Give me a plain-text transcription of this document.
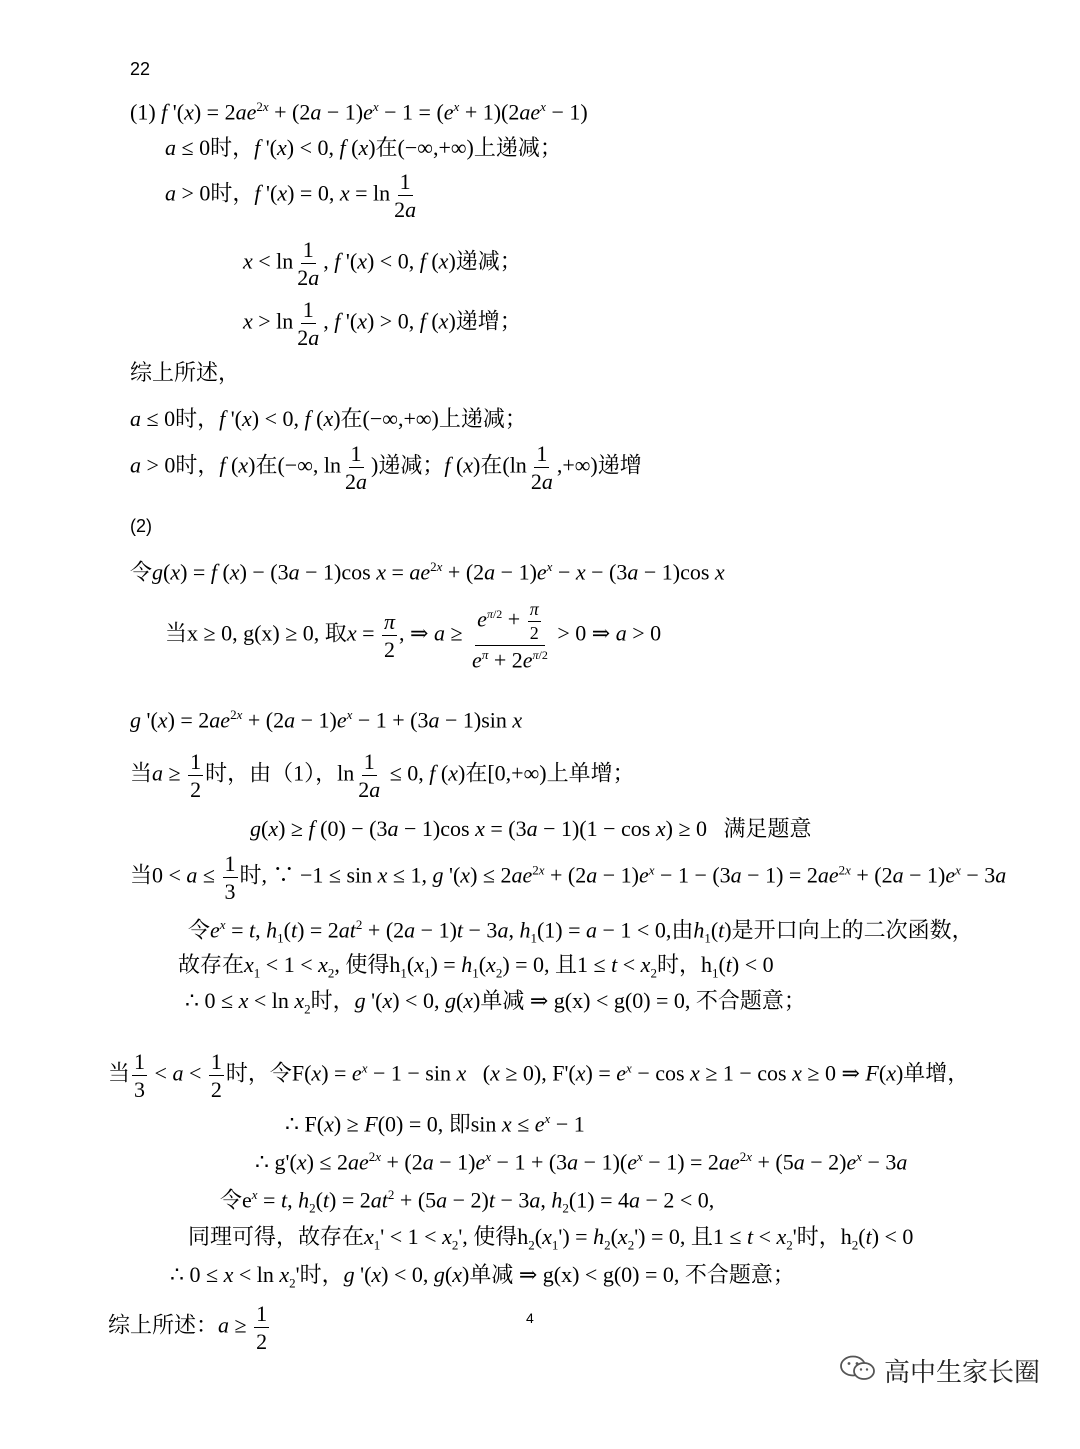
22
(1) f '$(x) = 2ae^{2x} + (2a - 1)e^x - 1 = (e^x + 1)(2ae^x - 1)$
a ≤ 0时，f '(x) < 0, f (x)在(−∞,+∞)上递减；
a > 0时，f '(x) = 0, $x = \ln \frac{1}{2a}$
$x < \ln \frac{1}{2a}$ , f '(x) < 0, f (x)递减；
$x > \ln \frac{1}{2a}$ , f '(x) > 0, f (x)递增；
综上所述，
a ≤ 0时，f '(x) < 0, f (x)在(−∞,+∞)上递减；
a > 0时，f (x)在(−∞, $\ln \frac{1}{2a}$ )递减；f (x)在($\ln \frac{1}{2a}$ ,+∞)递增
(2)
令g(x) = f (x) − (3a − 1)cos $x = ae^{2x} + (2a - 1)e^x - x - (3a - 1)\cos$ x
当x ≥ 0, g(x) ≥ 0, 取$x = \frac{\pi}{2}$ , ⇒ $a \ge \frac{e^{\pi/2} + \frac{\pi}{2}}{e^\pi + 2e^{\pi/2}} > 0$ ⇒ a > 0
g '$(x) = 2ae^{2x} + (2a - 1)e^x - 1 + (3a - 1)\sin$ x
当$a \ge \frac{1}{2}$ 时，由（1），$\ln \frac{1}{2a} \le 0$, f (x)在[0,+∞)上单增；
g(x) ≥ f (0) − (3a − 1)cos x = (3a − 1)(1 − cos x) ≥ 0   满足题意
当$0 < a \le \frac{1}{3}$ 时, ∵ −1 ≤ sin x ≤ 1, g '$(x) \le 2ae^{2x} + (2a - 1)e^x - 1 - (3a - 1) = 2ae^{2x} + (2a - 1)e^x - 3a$
令$e^x = t$, $h_1(t) = 2at^2 + (2a - 1)t - 3a$, $h_1(1) = a - 1 < 0$,由$h_1(t)$是开口向上的二次函数，
故存在$x_1 < 1 < x_2$, 使得$h_1(x_1) = h_1(x_2) = 0$, 且$1 \le t < x_2$时，$h_1(t) < 0$
∴ $0 \le x < \ln x_2$时，g '(x) < 0, g(x)单减 ⇒ g(x) < g(0) = 0, 不合题意；
当 $\frac{1}{3} < a < \frac{1}{2}$ 时，令$F(x) = e^x - 1 - \sin x$   (x ≥ 0), $F'(x) = e^x - \cos x \ge 1 - \cos x \ge 0$ ⇒ F(x)单增，
∴ F(x) ≥ F(0) = 0, 即$\sin x \le e^x - 1$
∴ $g'(x) \le 2ae^{2x} + (2a - 1)e^x - 1 + (3a - 1)(e^x - 1) = 2ae^{2x} + (5a - 2)e^x - 3a$
令$e^x = t$, $h_2(t) = 2at^2 + (5a - 2)t - 3a$, $h_2(1) = 4a - 2 < 0$,
同理可得，故存在$x_1' < 1 < x_2'$, 使得$h_2(x_1') = h_2(x_2') = 0$, 且$1 \le t < x_2'$时，$h_2(t) < 0$
∴ $0 \le x < \ln x_2'$时，g '(x) < 0, g(x)单减 ⇒ g(x) < g(0) = 0, 不合题意；
综上所述：$a \ge \frac{1}{2}$	4
高中生家长圈
